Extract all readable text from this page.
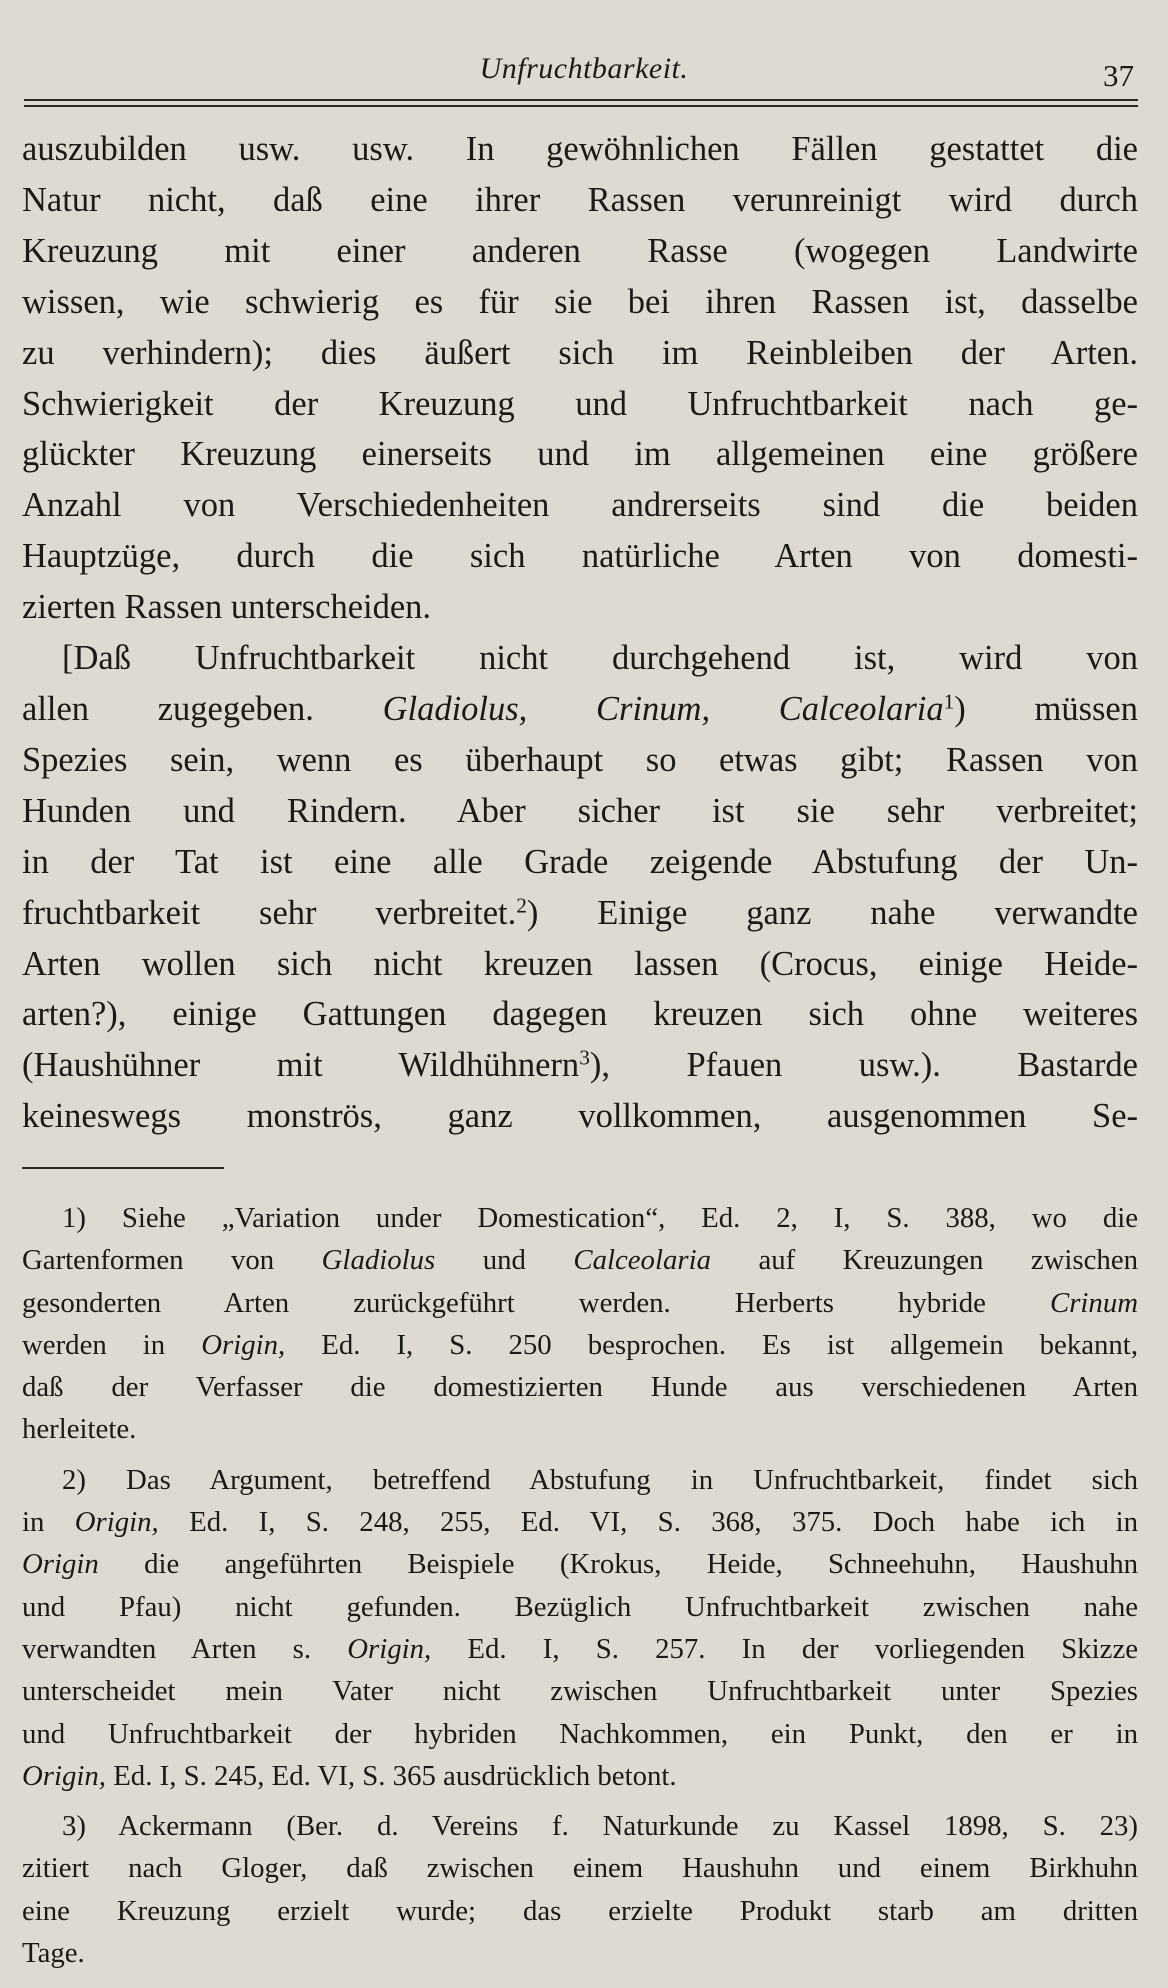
Unfruchtbarkeit.	37
auszubilden usw. usw. In gewöhnlichen Fällen gestattet die
Natur nicht, daß eine ihrer Rassen verunreinigt wird durch
Kreuzung mit einer anderen Rasse (wogegen Landwirte
wissen, wie schwierig es für sie bei ihren Rassen ist, dasselbe
zu verhindern); dies äußert sich im Reinbleiben der Arten.
Schwierigkeit der Kreuzung und Unfruchtbarkeit nach ge-
glückter Kreuzung einerseits und im allgemeinen eine größere
Anzahl von Verschiedenheiten andrerseits sind die beiden
Hauptzüge, durch die sich natürliche Arten von domesti-
zierten Rassen unterscheiden.
[Daß Unfruchtbarkeit nicht durchgehend ist, wird von
allen zugegeben. Gladiolus, Crinum, Calceolaria$^1$) müssen
Spezies sein, wenn es überhaupt so etwas gibt; Rassen von
Hunden und Rindern. Aber sicher ist sie sehr verbreitet;
in der Tat ist eine alle Grade zeigende Abstufung der Un-
fruchtbarkeit sehr verbreitet.$^2$) Einige ganz nahe verwandte
Arten wollen sich nicht kreuzen lassen (Crocus, einige Heide-
arten?), einige Gattungen dagegen kreuzen sich ohne weiteres
(Haushühner mit Wildhühnern$^3$), Pfauen usw.). Bastarde
keineswegs monströs, ganz vollkommen, ausgenommen Se-
1) Siehe „Variation under Domestication“, Ed. 2, I, S. 388, wo die
Gartenformen von Gladiolus und Calceolaria auf Kreuzungen zwischen
gesonderten Arten zurückgeführt werden. Herberts hybride Crinum
werden in Origin, Ed. I, S. 250 besprochen. Es ist allgemein bekannt,
daß der Verfasser die domestizierten Hunde aus verschiedenen Arten
herleitete.
2) Das Argument, betreffend Abstufung in Unfruchtbarkeit, findet sich
in Origin, Ed. I, S. 248, 255, Ed. VI, S. 368, 375. Doch habe ich in
Origin die angeführten Beispiele (Krokus, Heide, Schneehuhn, Haushuhn
und Pfau) nicht gefunden. Bezüglich Unfruchtbarkeit zwischen nahe
verwandten Arten s. Origin, Ed. I, S. 257. In der vorliegenden Skizze
unterscheidet mein Vater nicht zwischen Unfruchtbarkeit unter Spezies
und Unfruchtbarkeit der hybriden Nachkommen, ein Punkt, den er in
Origin, Ed. I, S. 245, Ed. VI, S. 365 ausdrücklich betont.
3) Ackermann (Ber. d. Vereins f. Naturkunde zu Kassel 1898, S. 23)
zitiert nach Gloger, daß zwischen einem Haushuhn und einem Birkhuhn
eine Kreuzung erzielt wurde; das erzielte Produkt starb am dritten
Tage.
